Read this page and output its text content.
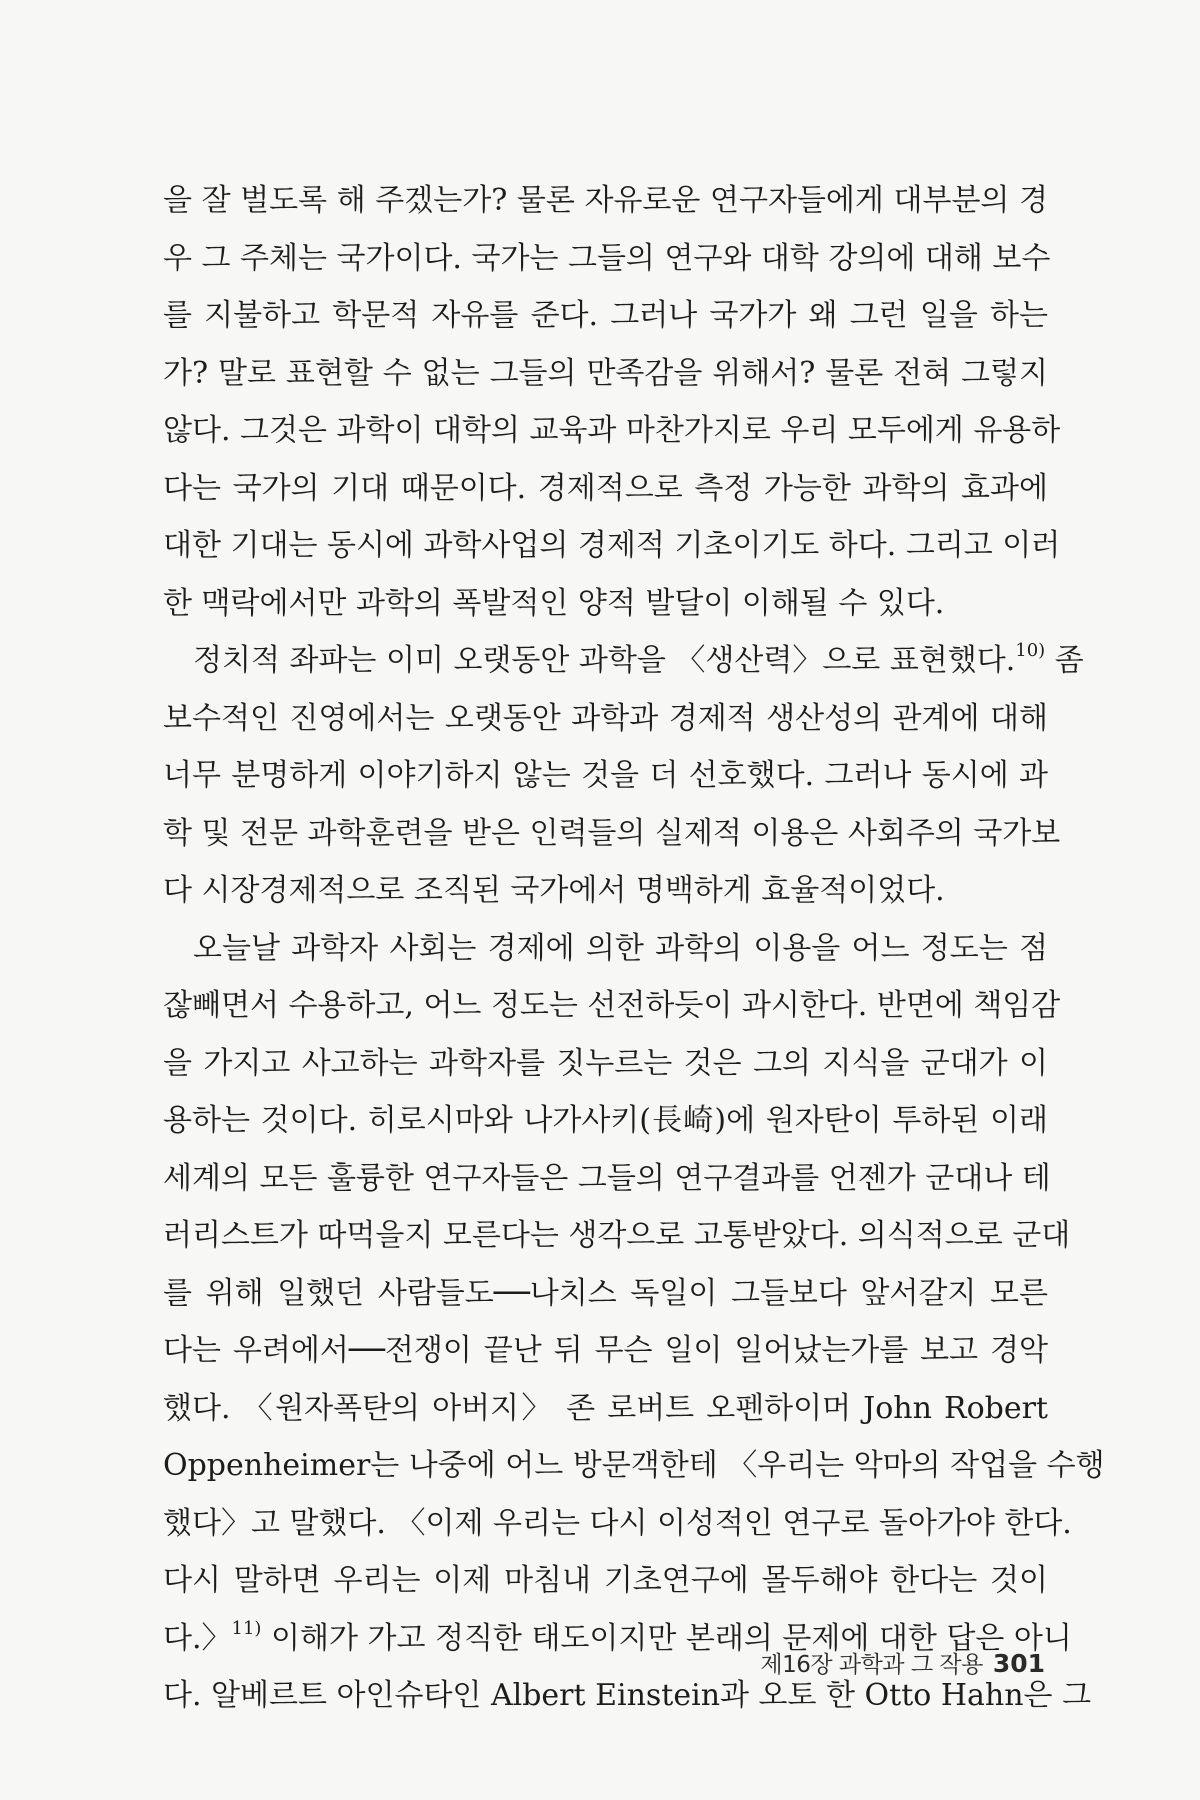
을 잘 벌도록 해 주겠는가? 물론 자유로운 연구자들에게 대부분의 경
우 그 주체는 국가이다. 국가는 그들의 연구와 대학 강의에 대해 보수
를 지불하고 학문적 자유를 준다. 그러나 국가가 왜 그런 일을 하는
가? 말로 표현할 수 없는 그들의 만족감을 위해서? 물론 전혀 그렇지
않다. 그것은 과학이 대학의 교육과 마찬가지로 우리 모두에게 유용하
다는 국가의 기대 때문이다. 경제적으로 측정 가능한 과학의 효과에
대한 기대는 동시에 과학사업의 경제적 기초이기도 하다. 그리고 이러
한 맥락에서만 과학의 폭발적인 양적 발달이 이해될 수 있다.
정치적 좌파는 이미 오랫동안 과학을 〈생산력〉으로 표현했다.$^{10)}$ 좀
보수적인 진영에서는 오랫동안 과학과 경제적 생산성의 관계에 대해
너무 분명하게 이야기하지 않는 것을 더 선호했다. 그러나 동시에 과
학 및 전문 과학훈련을 받은 인력들의 실제적 이용은 사회주의 국가보
다 시장경제적으로 조직된 국가에서 명백하게 효율적이었다.
오늘날 과학자 사회는 경제에 의한 과학의 이용을 어느 정도는 점
잖빼면서 수용하고, 어느 정도는 선전하듯이 과시한다. 반면에 책임감
을 가지고 사고하는 과학자를 짓누르는 것은 그의 지식을 군대가 이
용하는 것이다. 히로시마와 나가사키(長崎)에 원자탄이 투하된 이래
세계의 모든 훌륭한 연구자들은 그들의 연구결과를 언젠가 군대나 테
러리스트가 따먹을지 모른다는 생각으로 고통받았다. 의식적으로 군대
를 위해 일했던 사람들도──나치스 독일이 그들보다 앞서갈지 모른
다는 우려에서──전쟁이 끝난 뒤 무슨 일이 일어났는가를 보고 경악
했다. 〈원자폭탄의 아버지〉 존 로버트 오펜하이머 John Robert
Oppenheimer는 나중에 어느 방문객한테 〈우리는 악마의 작업을 수행
했다〉고 말했다. 〈이제 우리는 다시 이성적인 연구로 돌아가야 한다.
다시 말하면 우리는 이제 마침내 기초연구에 몰두해야 한다는 것이
다.〉$^{11)}$ 이해가 가고 정직한 태도이지만 본래의 문제에 대한 답은 아니
다. 알베르트 아인슈타인 Albert Einstein과 오토 한 Otto Hahn은 그
제16장 과학과 그 작용 301
